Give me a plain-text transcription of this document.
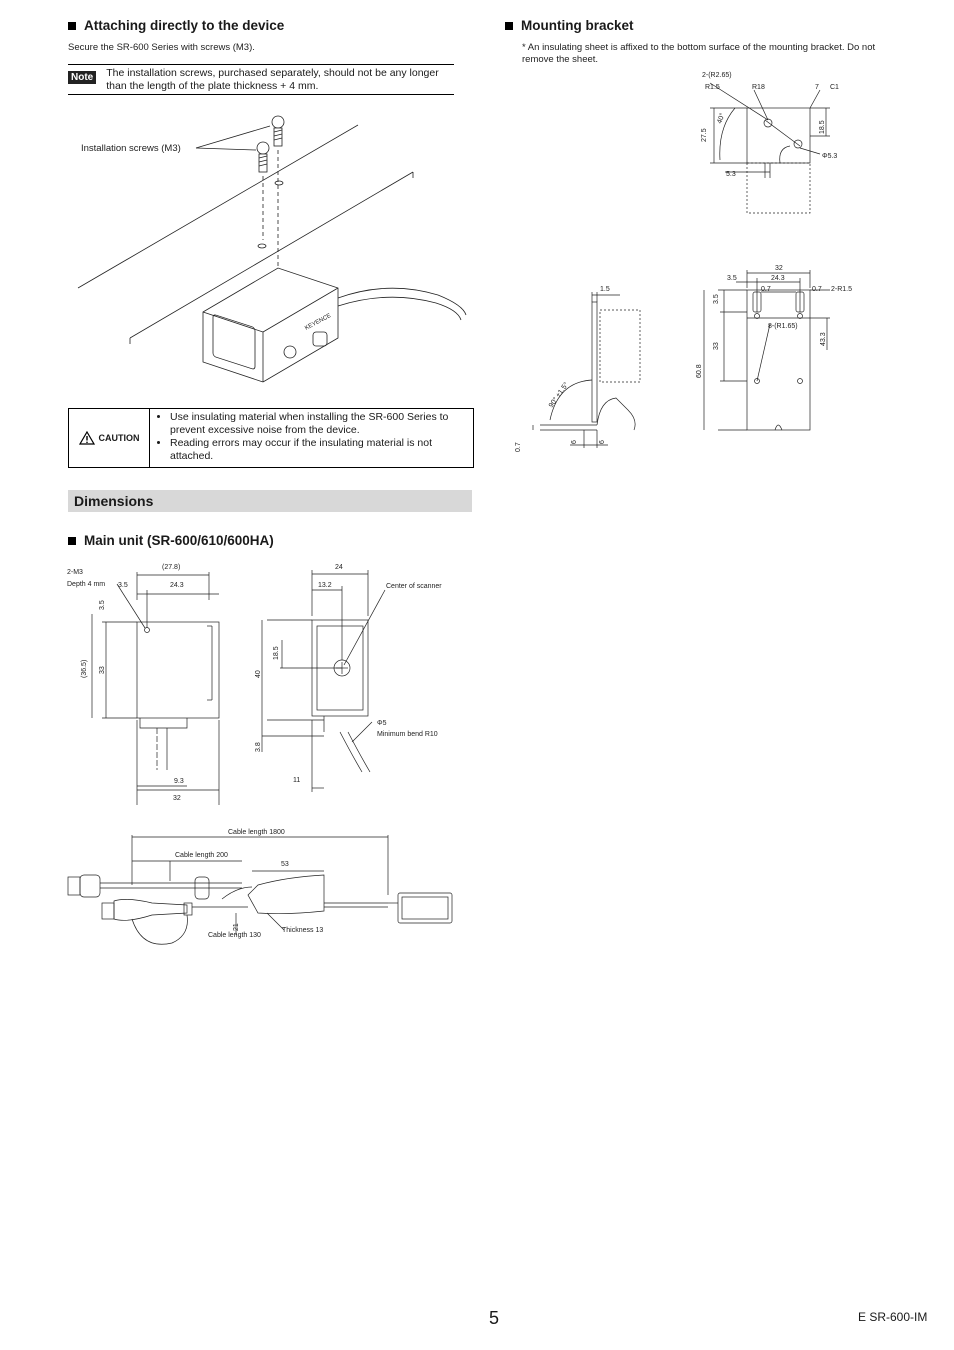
Attaching directly to the device
Secure the SR-600 Series with screws (M3).
Note	The installation screws, purchased separately, should not be any longer than the length of the plate thickness + 4 mm.
Installation screws (M3)
KEYENCE
CAUTION
• Use insulating material when installing the SR-600 Series to prevent excessive noise from the device.
• Reading errors may occur if the insulating material is not attached.
Dimensions
Main unit (SR-600/610/600HA)
2-M3
Depth 4 mm
(27.8)
3.5	24.3
3.5
(36.5) 33
9.3
32
24
13.2	Center of scanner
18.5
40
Φ5
Minimum bend R10
3.8
11
Cable length 1800
Cable length 200
53
21
Cable length 130
Thickness 13
Mounting bracket
* An insulating sheet is affixed to the bottom surface of the mounting bracket. Do not remove the sheet.
2-(R2.65)
R1.5	R18	7 C1
40°
27.5
18.5
Φ5.3
5.3
1.5
90° ±1.5°
0.7
6	6
32
3.5	24.3
3.5
0.7	0.7 2-R1.5
8-(R1.65)
33
43.3
60.8
5	E SR-600-IM
